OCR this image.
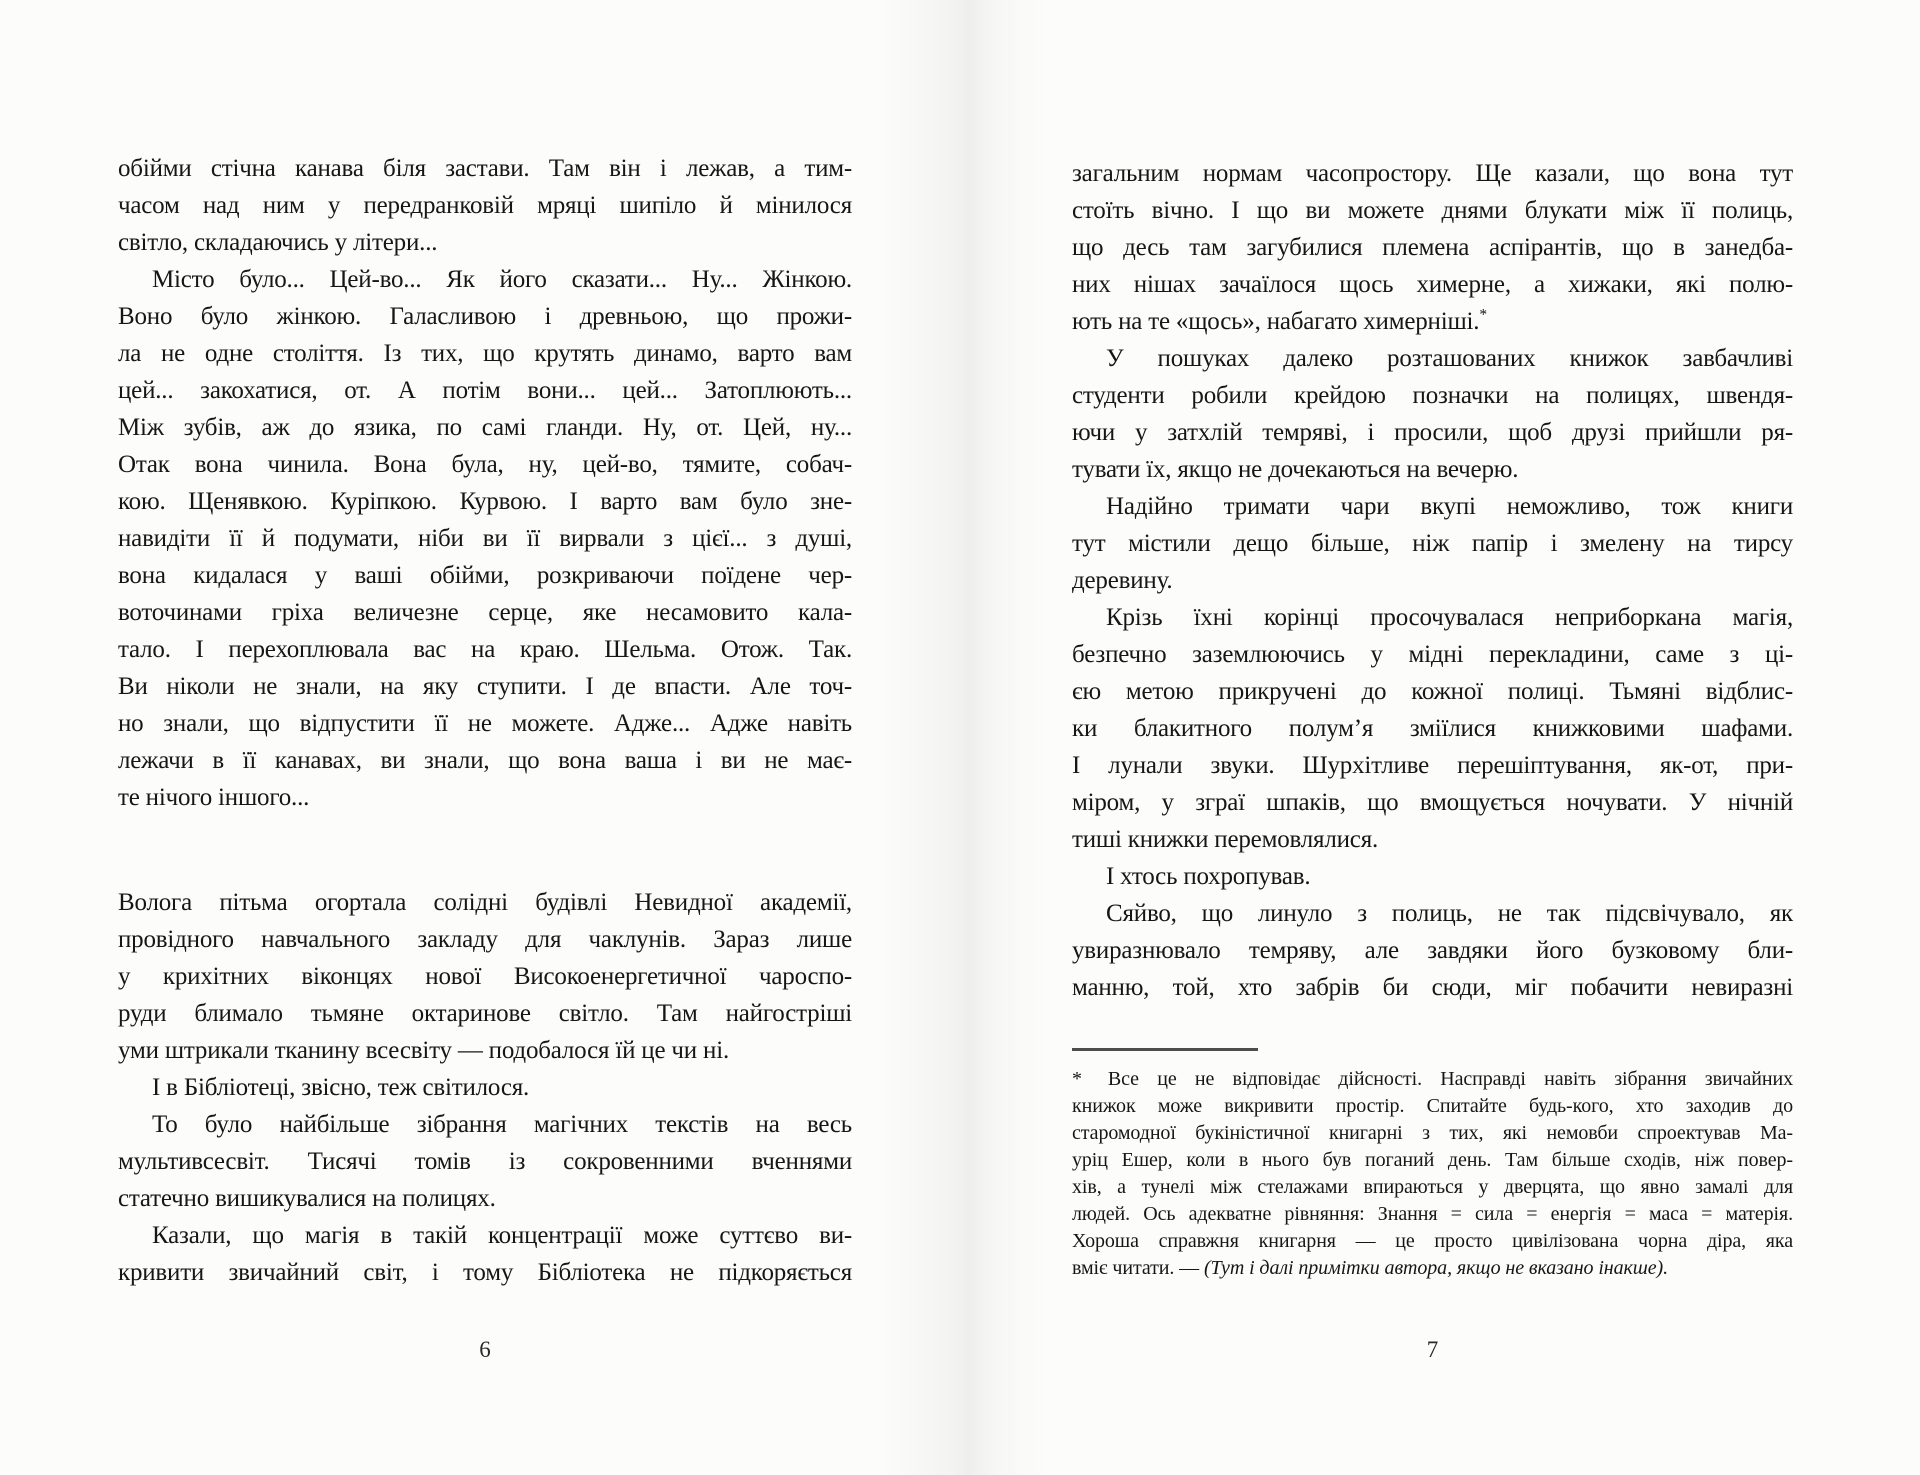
обійми стічна канава біля застави. Там він і лежав, а тим-
часом над ним у передранковій мряці шипіло й мінилося
світло, складаючись у літери...
Місто було... Цей-во... Як його сказати... Ну... Жінкою.
Воно було жінкою. Галасливою і древньою, що прожи-
ла не одне століття. Із тих, що крутять динамо, варто вам
цей... закохатися, от. А потім вони... цей... Затоплюють...
Між зубів, аж до язика, по самі гланди. Ну, от. Цей, ну...
Отак вона чинила. Вона була, ну, цей-во, тямите, собач-
кою. Щенявкою. Куріпкою. Курвою. І варто вам було зне-
навидіти її й подумати, ніби ви її вирвали з цієї... з душі,
вона кидалася у ваші обійми, розкриваючи поїдене чер-
воточинами гріха величезне серце, яке несамовито кала-
тало. І перехоплювала вас на краю. Шельма. Отож. Так.
Ви ніколи не знали, на яку ступити. І де впасти. Але точ-
но знали, що відпустити її не можете. Адже... Адже навіть
лежачи в її канавах, ви знали, що вона ваша і ви не має-
те нічого іншого...
Волога пітьма огортала солідні будівлі Невидної академії,
провідного навчального закладу для чаклунів. Зараз лише
у крихітних віконцях нової Високоенергетичної чароспо-
руди блимало тьмяне октаринове світло. Там найгостріші
уми штрикали тканину всесвіту — подобалося їй це чи ні.
І в Бібліотеці, звісно, теж світилося.
То було найбільше зібрання магічних текстів на весь
мультивсесвіт. Тисячі томів із сокровенними вченнями
статечно вишикувалися на полицях.
Казали, що магія в такій концентрації може суттєво ви-
кривити звичайний світ, і тому Бібліотека не підкоряється
загальним нормам часопростору. Ще казали, що вона тут
стоїть вічно. І що ви можете днями блукати між її полиць,
що десь там загубилися племена аспірантів, що в занедба-
них нішах зачаїлося щось химерне, а хижаки, які полю-
ють на те «щось», набагато химерніші.*
У пошуках далеко розташованих книжок завбачливі
студенти робили крейдою позначки на полицях, швендя-
ючи у затхлій темряві, і просили, щоб друзі прийшли ря-
тувати їх, якщо не дочекаються на вечерю.
Надійно тримати чари вкупі неможливо, тож книги
тут містили дещо більше, ніж папір і змелену на тирсу
деревину.
Крізь їхні корінці просочувалася неприборкана магія,
безпечно заземлюючись у мідні перекладини, саме з ці-
єю метою прикручені до кожної полиці. Тьмяні відблис-
ки блакитного полум’я зміїлися книжковими шафами.
І лунали звуки. Шурхітливе перешіптування, як-от, при-
міром, у зграї шпаків, що вмощується ночувати. У нічній
тиші книжки перемовлялися.
І хтось похропував.
Сяйво, що линуло з полиць, не так підсвічувало, як
увиразнювало темряву, але завдяки його бузковому бли-
манню, той, хто забрів би сюди, міг побачити невиразні
* Все це не відповідає дійсності. Насправді навіть зібрання звичайних
книжок може викривити простір. Спитайте будь-кого, хто заходив до
старомодної букіністичної книгарні з тих, які немовби спроектував Ма-
уріц Ешер, коли в нього був поганий день. Там більше сходів, ніж повер-
хів, а тунелі між стелажами впираються у дверцята, що явно замалі для
людей. Ось адекватне рівняння: Знання = сила = енергія = маса = матерія.
Хороша справжня книгарня — це просто цивілізована чорна діра, яка
вміє читати. — (Тут і далі примітки автора, якщо не вказано інакше).
6	7
